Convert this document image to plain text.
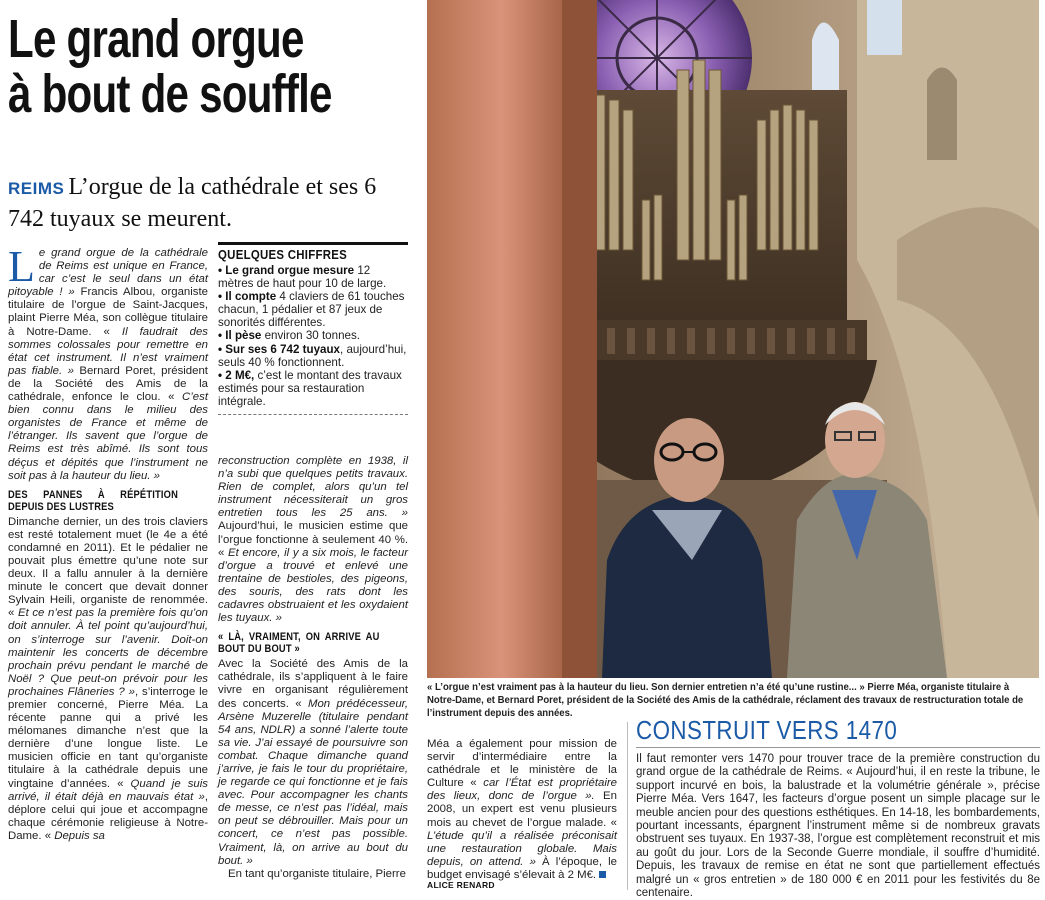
Le grand orgue
à bout de souffle
REIMS L’orgue de la cathédrale et ses 6 742 tuyaux se meurent.

Le grand orgue de la cathédrale de Reims est unique en France, car c’est le seul dans un état pitoyable ! » Francis Albou, organiste titulaire de l’orgue de Saint-Jacques, plaint Pierre Méa, son collègue titulaire à Notre-Dame. « Il faudrait des sommes colossales pour remettre en état cet instrument. Il n’est vraiment pas fiable. » Bernard Poret, président de la Société des Amis de la cathédrale, enfonce le clou. « C’est bien connu dans le milieu des organistes de France et même de l’étranger. Ils savent que l’orgue de Reims est très abîmé. Ils sont tous déçus et dépités que l’instrument ne soit pas à la hauteur du lieu. »

DES PANNES À RÉPÉTITION DEPUIS DES LUSTRES

Dimanche dernier, un des trois claviers est resté totalement muet (le 4e a été condamné en 2011). Et le pédalier ne pouvait plus émettre qu’une note sur deux. Il a fallu annuler à la dernière minute le concert que devait donner Sylvain Heili, organiste de renommée. « Et ce n’est pas la première fois qu’on doit annuler. À tel point qu’aujourd’hui, on s’interroge sur l’avenir. Doit-on maintenir les concerts de décembre prochain prévu pendant le marché de Noël ? Que peut-on prévoir pour les prochaines Flâneries ? », s’interroge le premier concerné, Pierre Méa. La récente panne qui a privé les mélomanes dimanche n’est que la dernière d’une longue liste. Le musicien officie en tant qu’organiste titulaire à la cathédrale depuis une vingtaine d’années. « Quand je suis arrivé, il était déjà en mauvais état », déplore celui qui joue et accompagne chaque cérémonie religieuse à Notre-Dame. « Depuis sa

QUELQUES CHIFFRES
• Le grand orgue mesure 12 mètres de haut pour 10 de large.
• Il compte 4 claviers de 61 touches chacun, 1 pédalier et 87 jeux de sonorités différentes.
• Il pèse environ 30 tonnes.
• Sur ses 6 742 tuyaux, aujourd’hui, seuls 40 % fonctionnent.
• 2 M€, c’est le montant des travaux estimés pour sa restauration intégrale.

reconstruction complète en 1938, il n’a subi que quelques petits travaux. Rien de complet, alors qu’un tel instrument nécessiterait un gros entretien tous les 25 ans. » Aujourd’hui, le musicien estime que l’orgue fonctionne à seulement 40 %. « Et encore, il y a six mois, le facteur d’orgue a trouvé et enlevé une trentaine de bestioles, des pigeons, des souris, des rats dont les cadavres obstruaient et les oxydaient les tuyaux. »

« LÀ, VRAIMENT, ON ARRIVE AU BOUT DU BOUT »

Avec la Société des Amis de la cathédrale, ils s’appliquent à le faire vivre en organisant régulièrement des concerts. « Mon prédécesseur, Arsène Muzerelle (titulaire pendant 54 ans, NDLR) a sonné l’alerte toute sa vie. J’ai essayé de poursuivre son combat. Chaque dimanche quand j’arrive, je fais le tour du propriétaire, je regarde ce qui fonctionne et je fais avec. Pour accompagner les chants de messe, ce n’est pas l’idéal, mais on peut se débrouiller. Mais pour un concert, ce n’est pas possible. Vraiment, là, on arrive au bout du bout. »

En tant qu’organiste titulaire, Pierre

« L’orgue n’est vraiment pas à la hauteur du lieu. Son dernier entretien n’a été qu’une rustine... » Pierre Méa, organiste titulaire à Notre-Dame, et Bernard Poret, président de la Société des Amis de la cathédrale, réclament des travaux de restructuration totale de l’instrument depuis des années.

Méa a également pour mission de servir d’intermédiaire entre la cathédrale et le ministère de la Culture « car l’État est propriétaire des lieux, donc de l’orgue ». En 2008, un expert est venu plusieurs mois au chevet de l’orgue malade. « L’étude qu’il a réalisée préconisait une restauration globale. Mais depuis, on attend. » À l’époque, le budget envisagé s’élevait à 2 M€.

ALICE RENARD
CONSTRUIT VERS 1470
Il faut remonter vers 1470 pour trouver trace de la première construction du grand orgue de la cathédrale de Reims. « Aujourd’hui, il en reste la tribune, le support incurvé en bois, la balustrade et la volumétrie générale », précise Pierre Méa. Vers 1647, les facteurs d’orgue posent un simple placage sur le meuble ancien pour des questions esthétiques. En 14-18, les bombardements, pourtant incessants, épargnent l’instrument même si de nombreux gravats obstruent ses tuyaux. En 1937-38, l’orgue est complètement reconstruit et mis au goût du jour. Lors de la Seconde Guerre mondiale, il souffre d’humidité. Depuis, les travaux de remise en état ne sont que partiellement effectués malgré un « gros entretien » de 180 000 € en 2011 pour les festivités du 8e centenaire.
